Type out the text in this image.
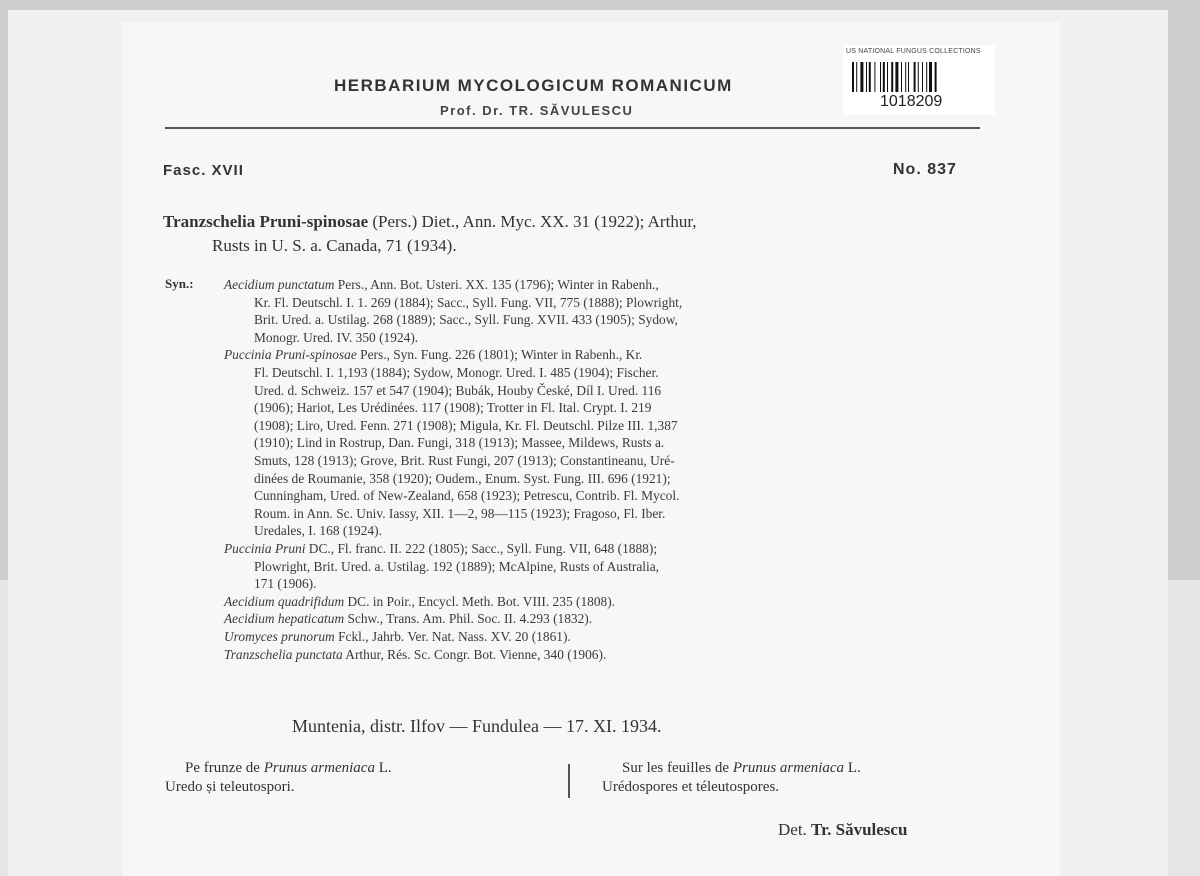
HERBARIUM MYCOLOGICUM ROMANICUM
Prof. Dr. TR. SĂVULESCU
US NATIONAL FUNGUS COLLECTIONS
1018209
Fasc. XVII	No. 837
Tranzschelia Pruni-spinosae (Pers.) Diet., Ann. Myc. XX. 31 (1922); Arthur,
Rusts in U. S. a. Canada, 71 (1934).
Syn.: Aecidium punctatum Pers., Ann. Bot. Usteri. XX. 135 (1796); Winter in Rabenh.,
Kr. Fl. Deutschl. I. 1. 269 (1884); Sacc., Syll. Fung. VII, 775 (1888); Plowright,
Brit. Ured. a. Ustilag. 268 (1889); Sacc., Syll. Fung. XVII. 433 (1905); Sydow,
Monogr. Ured. IV. 350 (1924).
Puccinia Pruni-spinosae Pers., Syn. Fung. 226 (1801); Winter in Rabenh., Kr.
Fl. Deutschl. I. 1,193 (1884); Sydow, Monogr. Ured. I. 485 (1904); Fischer.
Ured. d. Schweiz. 157 et 547 (1904); Bubák, Houby České, Díl I. Ured. 116
(1906); Hariot, Les Urédinées. 117 (1908); Trotter in Fl. Ital. Crypt. I. 219
(1908); Liro, Ured. Fenn. 271 (1908); Migula, Kr. Fl. Deutschl. Pilze III. 1,387
(1910); Lind in Rostrup, Dan. Fungi, 318 (1913); Massee, Mildews, Rusts a.
Smuts, 128 (1913); Grove, Brit. Rust Fungi, 207 (1913); Constantineanu, Uré-
dinées de Roumanie, 358 (1920); Oudem., Enum. Syst. Fung. III. 696 (1921);
Cunningham, Ured. of New-Zealand, 658 (1923); Petrescu, Contrib. Fl. Mycol.
Roum. in Ann. Sc. Univ. Iassy, XII. 1—2, 98—115 (1923); Fragoso, Fl. Iber.
Uredales, I. 168 (1924).
Puccinia Pruni DC., Fl. franc. II. 222 (1805); Sacc., Syll. Fung. VII, 648 (1888);
Plowright, Brit. Ured. a. Ustilag. 192 (1889); McAlpine, Rusts of Australia,
171 (1906).
Aecidium quadrifidum DC. in Poir., Encycl. Meth. Bot. VIII. 235 (1808).
Aecidium hepaticatum Schw., Trans. Am. Phil. Soc. II. 4.293 (1832).
Uromyces prunorum Fckl., Jahrb. Ver. Nat. Nass. XV. 20 (1861).
Tranzschelia punctata Arthur, Rés. Sc. Congr. Bot. Vienne, 340 (1906).
Muntenia, distr. Ilfov — Fundulea — 17. XI. 1934.
Pe frunze de Prunus armeniaca L.
Uredo și teleutospori.
Sur les feuilles de Prunus armeniaca L.
Urédospores et téleutospores.
Det. Tr. Săvulescu
